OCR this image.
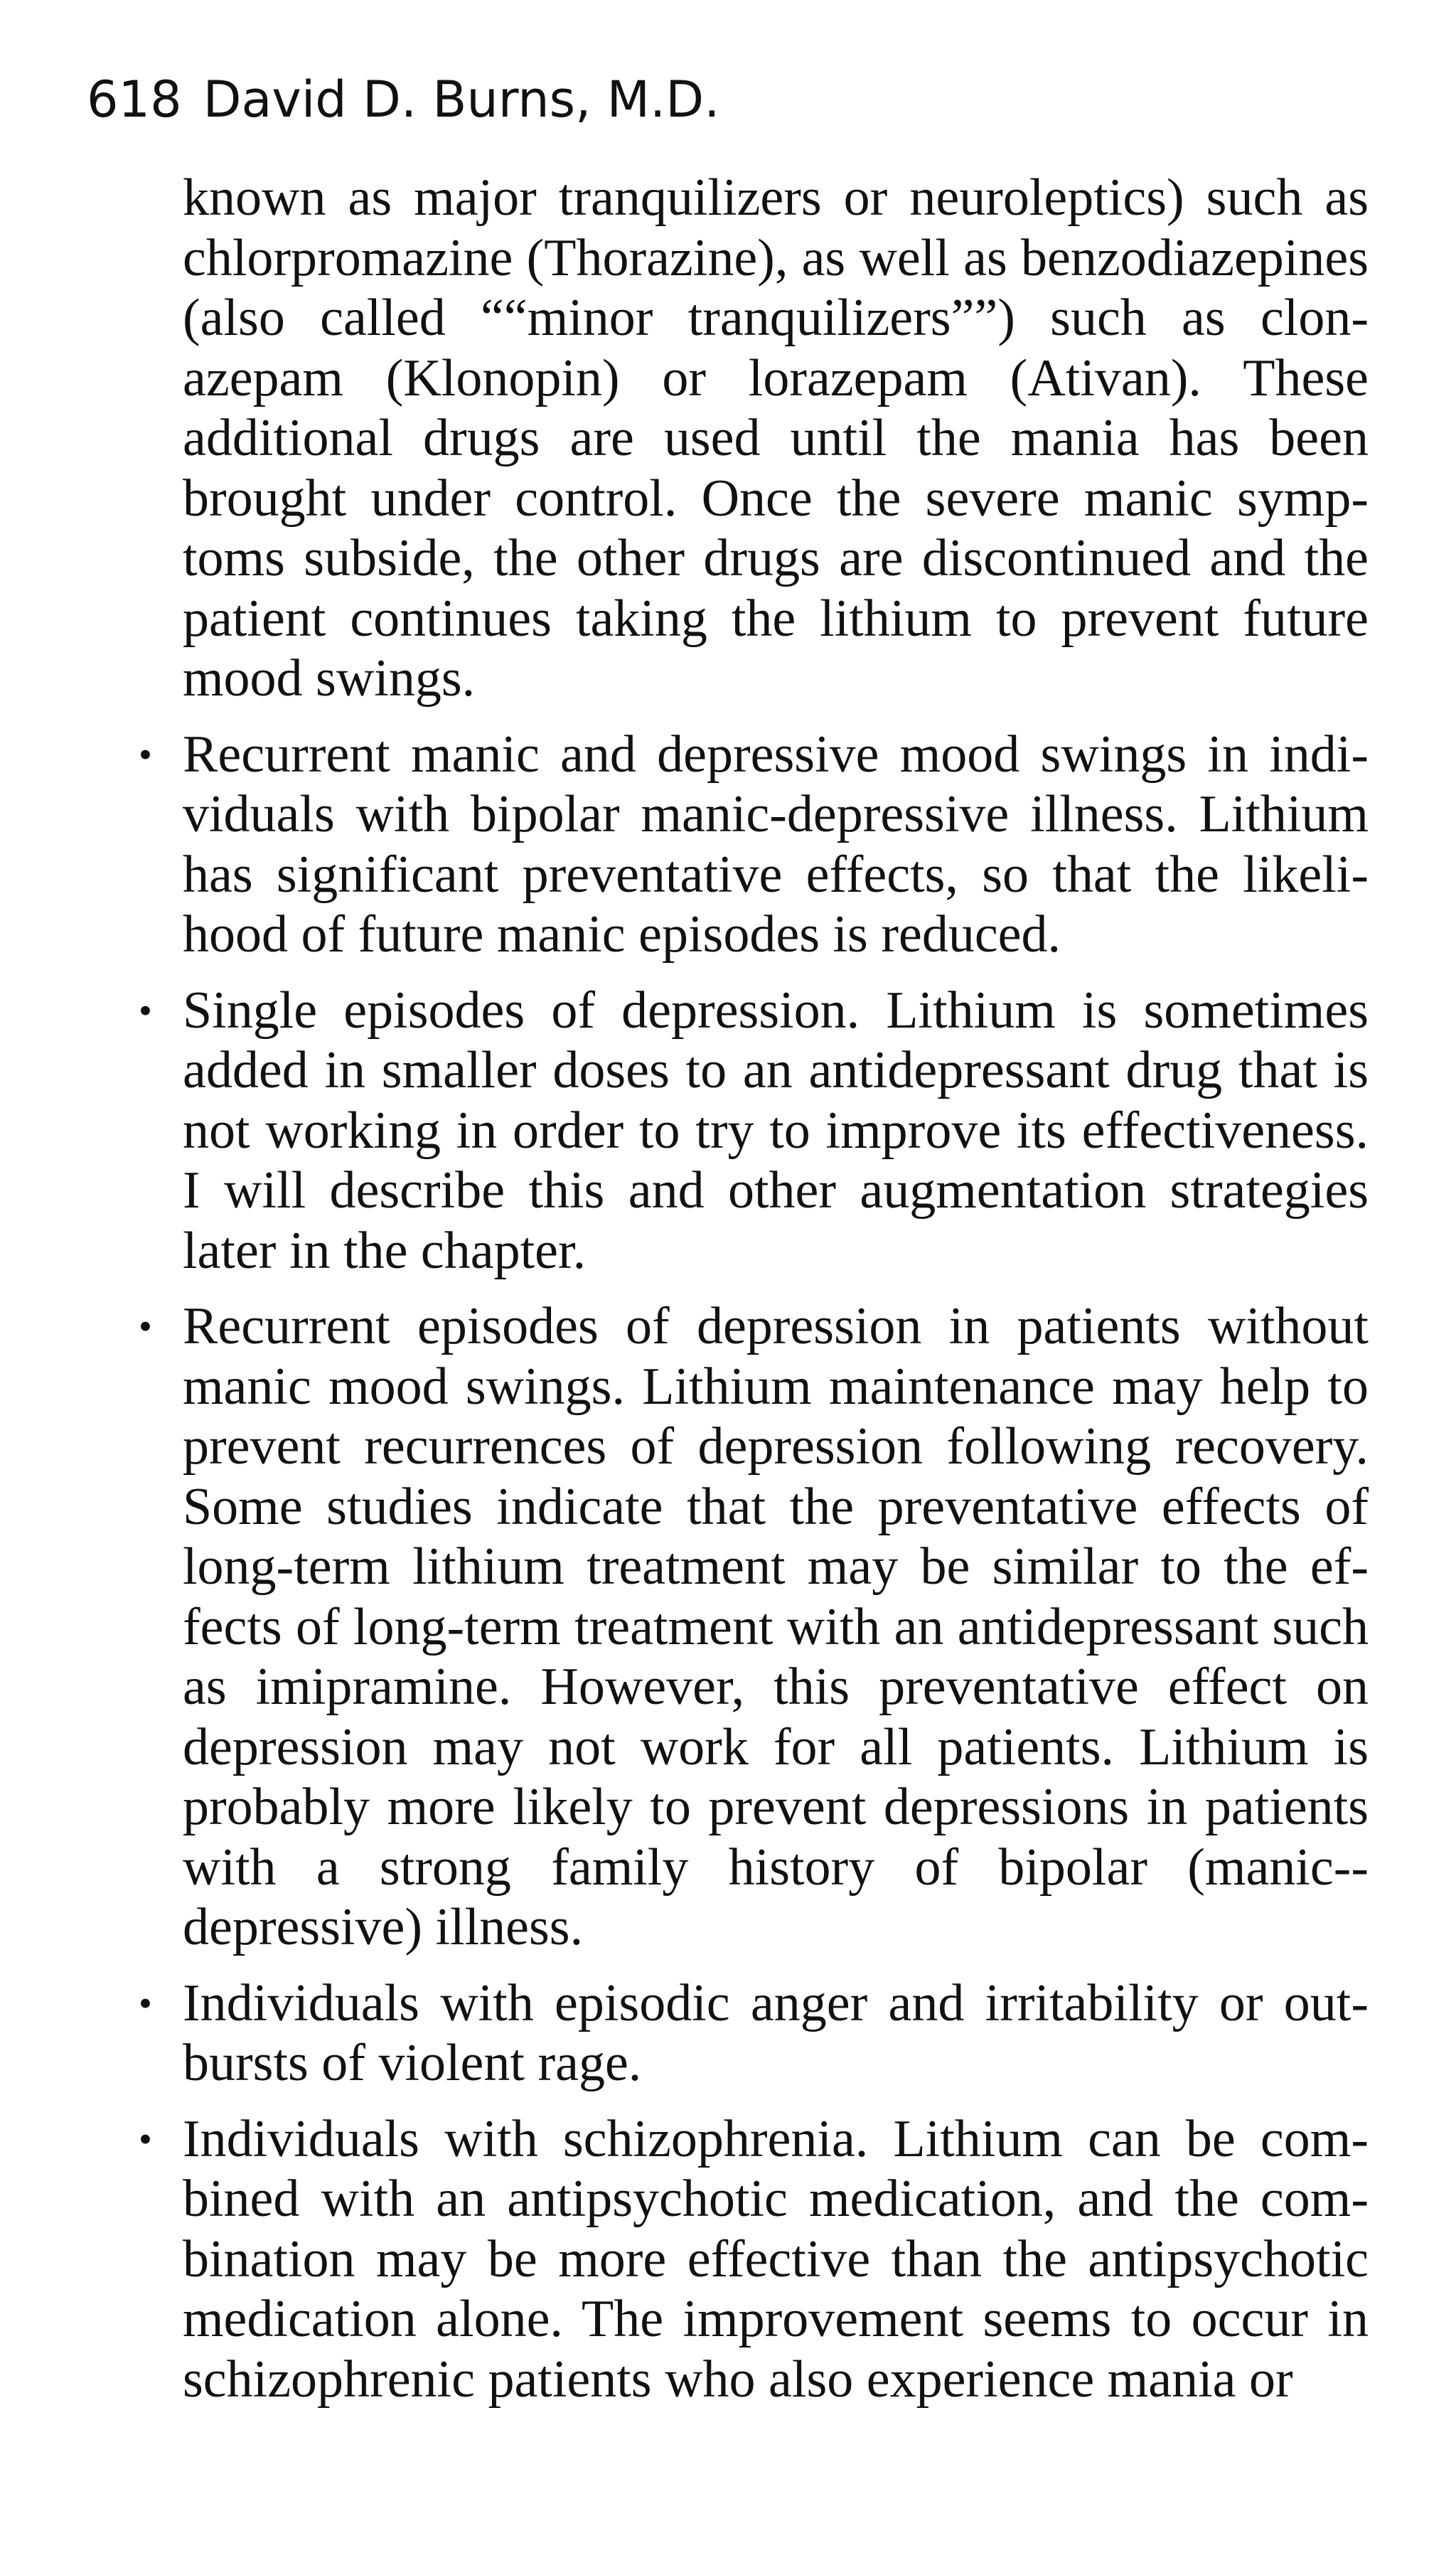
618 David D. Burns, M.D.

known as major tranquilizers or neuroleptics) such as chlorpromazine (Thorazine), as well as benzodiazepines (also called ““minor tranquilizers””) such as clonazepam (Klonopin) or lorazepam (Ativan). These additional drugs are used until the mania has been brought under control. Once the severe manic symptoms subside, the other drugs are discontinued and the patient continues taking the lithium to prevent future mood swings.

• Recurrent manic and depressive mood swings in individuals with bipolar manic-depressive illness. Lithium has significant preventative effects, so that the likelihood of future manic episodes is reduced.
• Single episodes of depression. Lithium is sometimes added in smaller doses to an antidepressant drug that is not working in order to try to improve its effectiveness. I will describe this and other augmentation strategies later in the chapter.
• Recurrent episodes of depression in patients without manic mood swings. Lithium maintenance may help to prevent recurrences of depression following recovery. Some studies indicate that the preventative effects of long-term lithium treatment may be similar to the effects of long-term treatment with an antidepressant such as imipramine. However, this preventative effect on depression may not work for all patients. Lithium is probably more likely to prevent depressions in patients with a strong family history of bipolar (manic-depressive) illness.
• Individuals with episodic anger and irritability or outbursts of violent rage.
• Individuals with schizophrenia. Lithium can be combined with an antipsychotic medication, and the combination may be more effective than the antipsychotic medication alone. The improvement seems to occur in schizophrenic patients who also experience mania or
